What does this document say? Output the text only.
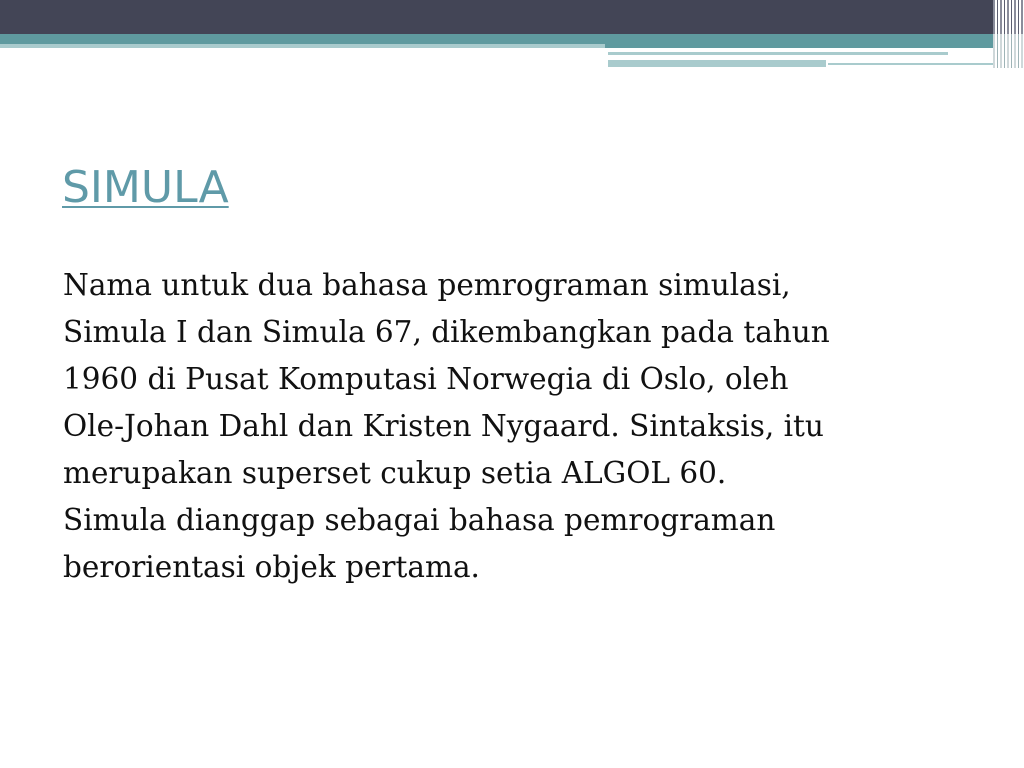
SIMULA
Nama untuk dua bahasa pemrograman simulasi,
Simula I dan Simula 67, dikembangkan pada tahun
1960 di Pusat Komputasi Norwegia di Oslo, oleh
Ole-Johan Dahl dan Kristen Nygaard. Sintaksis, itu
merupakan superset cukup setia ALGOL 60.
Simula dianggap sebagai bahasa pemrograman
berorientasi objek pertama.
